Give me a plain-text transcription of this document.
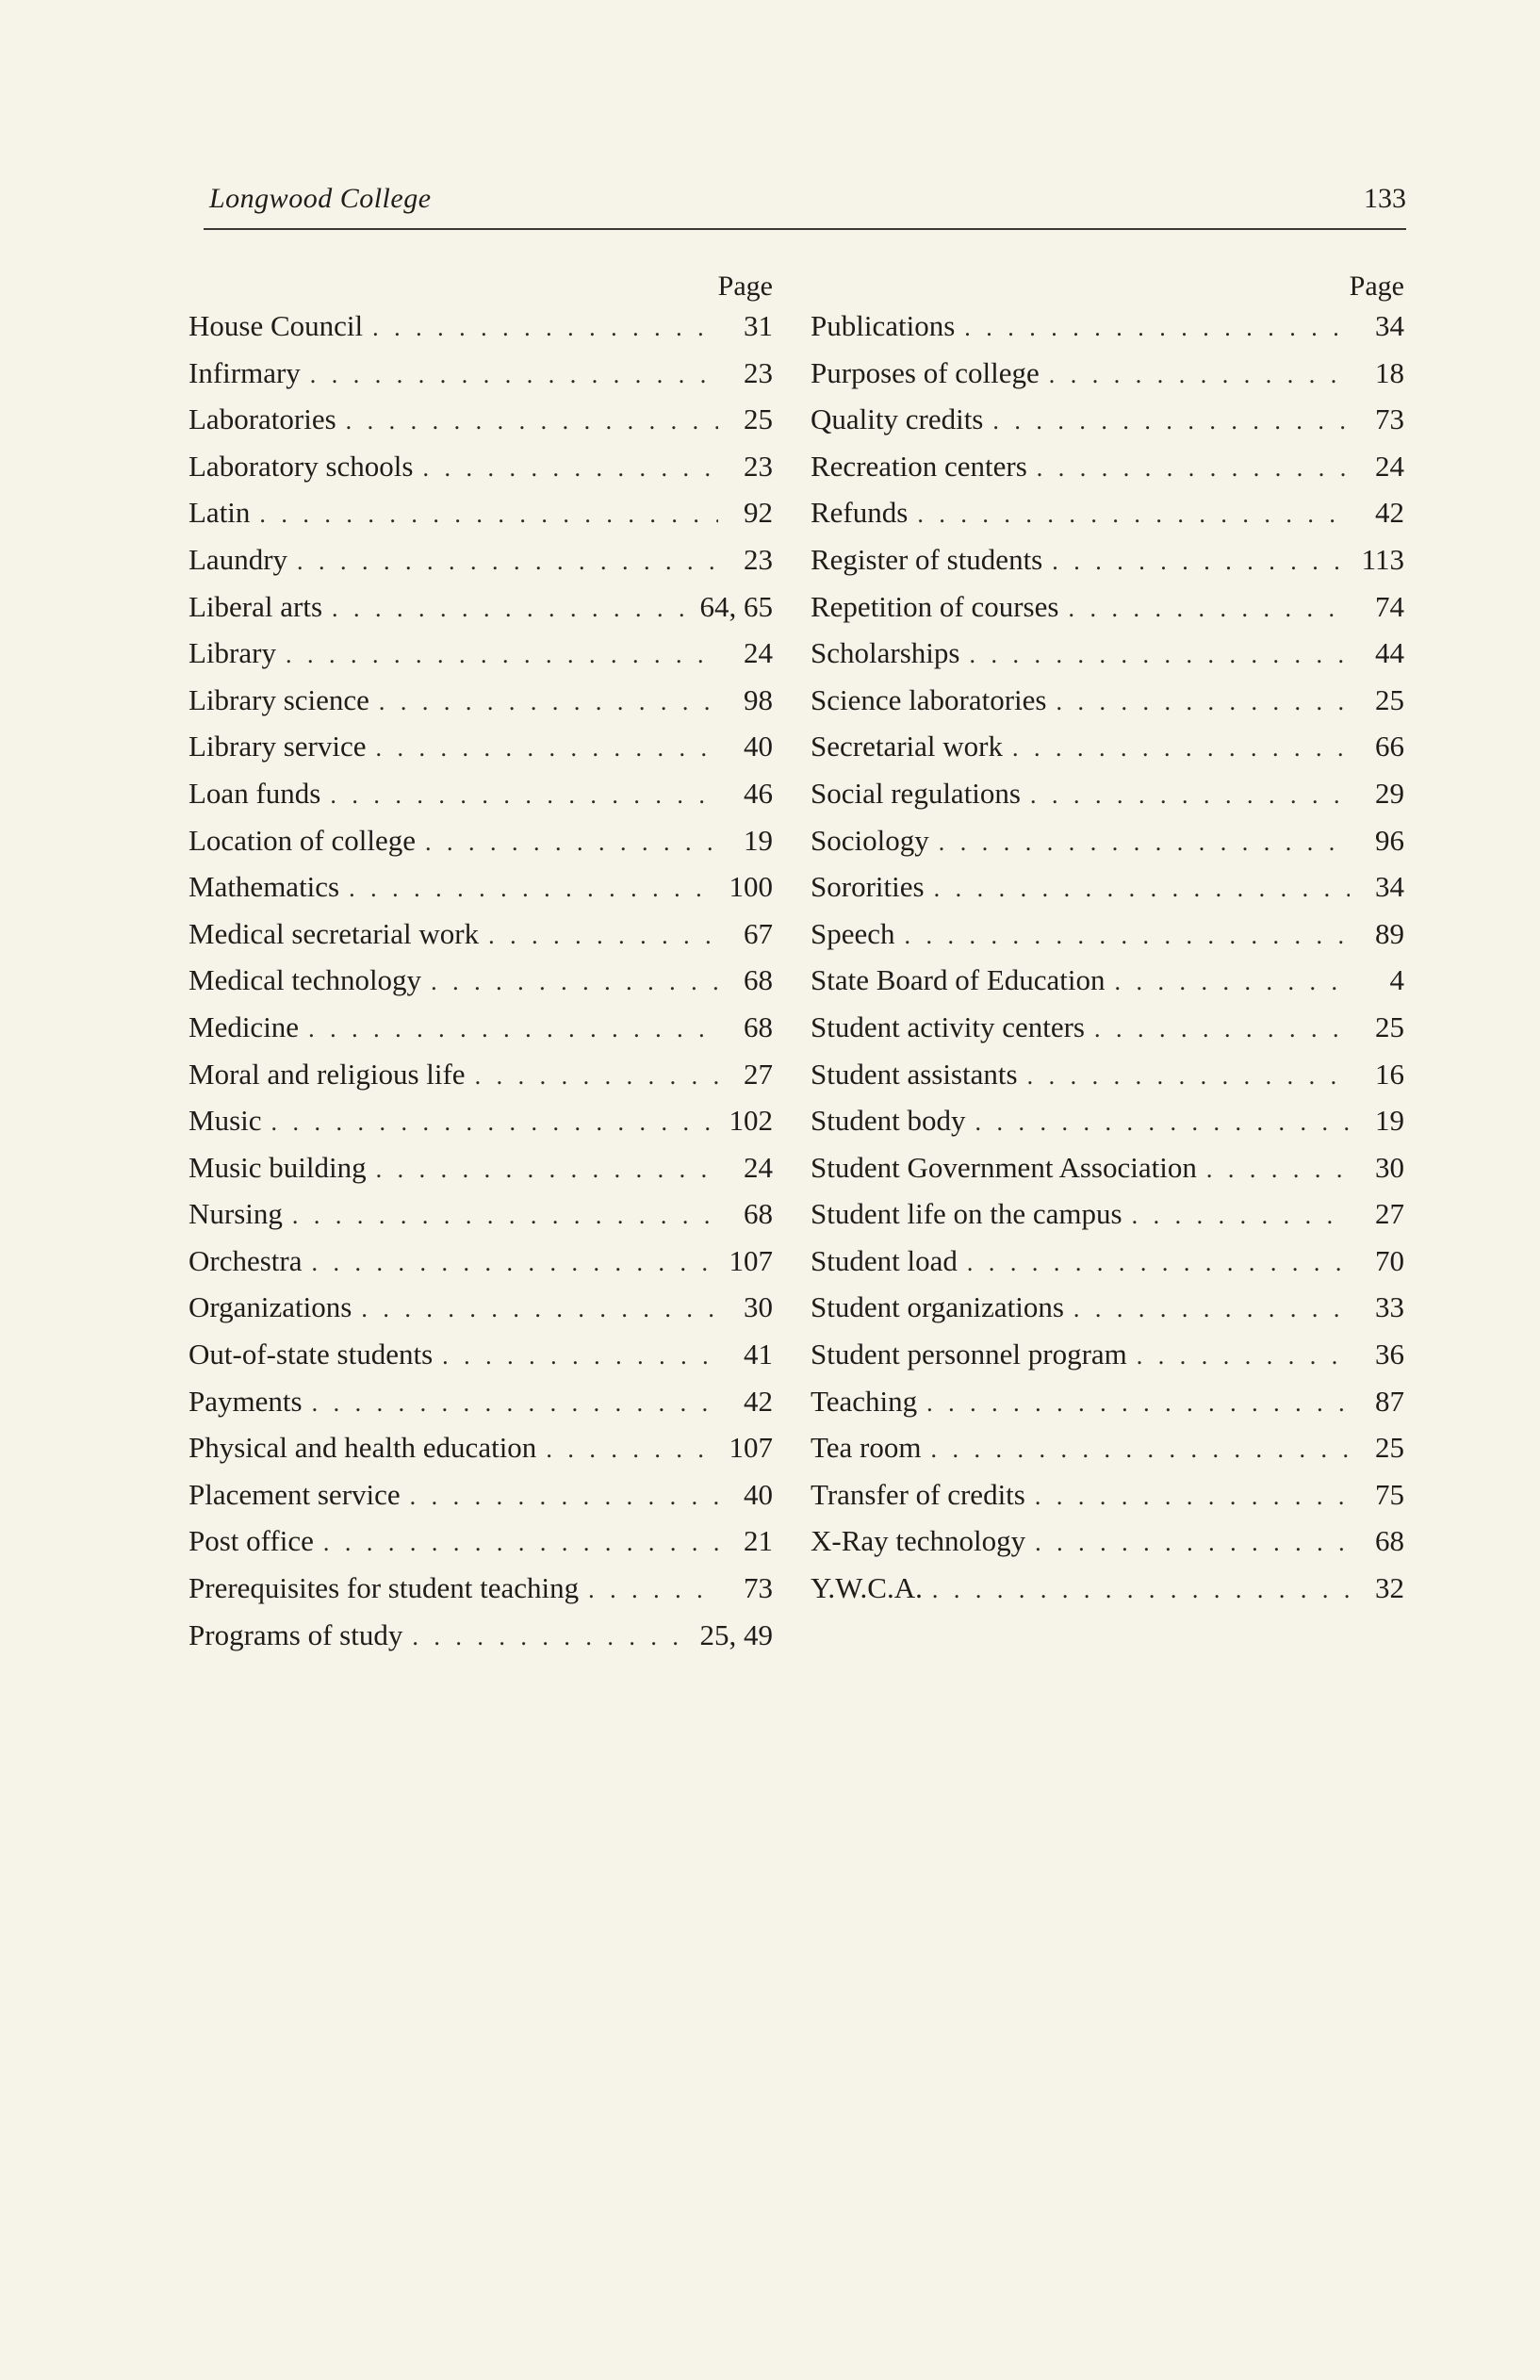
Longwood College	133
Page
House Council . . .	31
Infirmary . . .	23
Laboratories . . .	25
Laboratory schools . . .	23
Latin . . .	92
Laundry . . .	23
Liberal arts . . .	64, 65
Library . . .	24
Library science . . .	98
Library service . . .	40
Loan funds . . .	46
Location of college . . .	19
Mathematics . . .	100
Medical secretarial work . . .	67
Medical technology . . .	68
Medicine . . .	68
Moral and religious life . . .	27
Music . . .	102
Music building . . .	24
Nursing . . .	68
Orchestra . . .	107
Organizations . . .	30
Out-of-state students . . .	41
Payments . . .	42
Physical and health education . . .	107
Placement service . . .	40
Post office . . .	21
Prerequisites for student teaching . . .	73
Programs of study . . .	25, 49
Page
Publications . . .	34
Purposes of college . . .	18
Quality credits . . .	73
Recreation centers . . .	24
Refunds . . .	42
Register of students . . .	113
Repetition of courses . . .	74
Scholarships . . .	44
Science laboratories . . .	25
Secretarial work . . .	66
Social regulations . . .	29
Sociology . . .	96
Sororities . . .	34
Speech . . .	89
State Board of Education . . .	4
Student activity centers . . .	25
Student assistants . . .	16
Student body . . .	19
Student Government Association . . .	30
Student life on the campus . . .	27
Student load . . .	70
Student organizations . . .	33
Student personnel program . . .	36
Teaching . . .	87
Tea room . . .	25
Transfer of credits . . .	75
X-Ray technology . . .	68
Y.W.C.A. . . .	32
